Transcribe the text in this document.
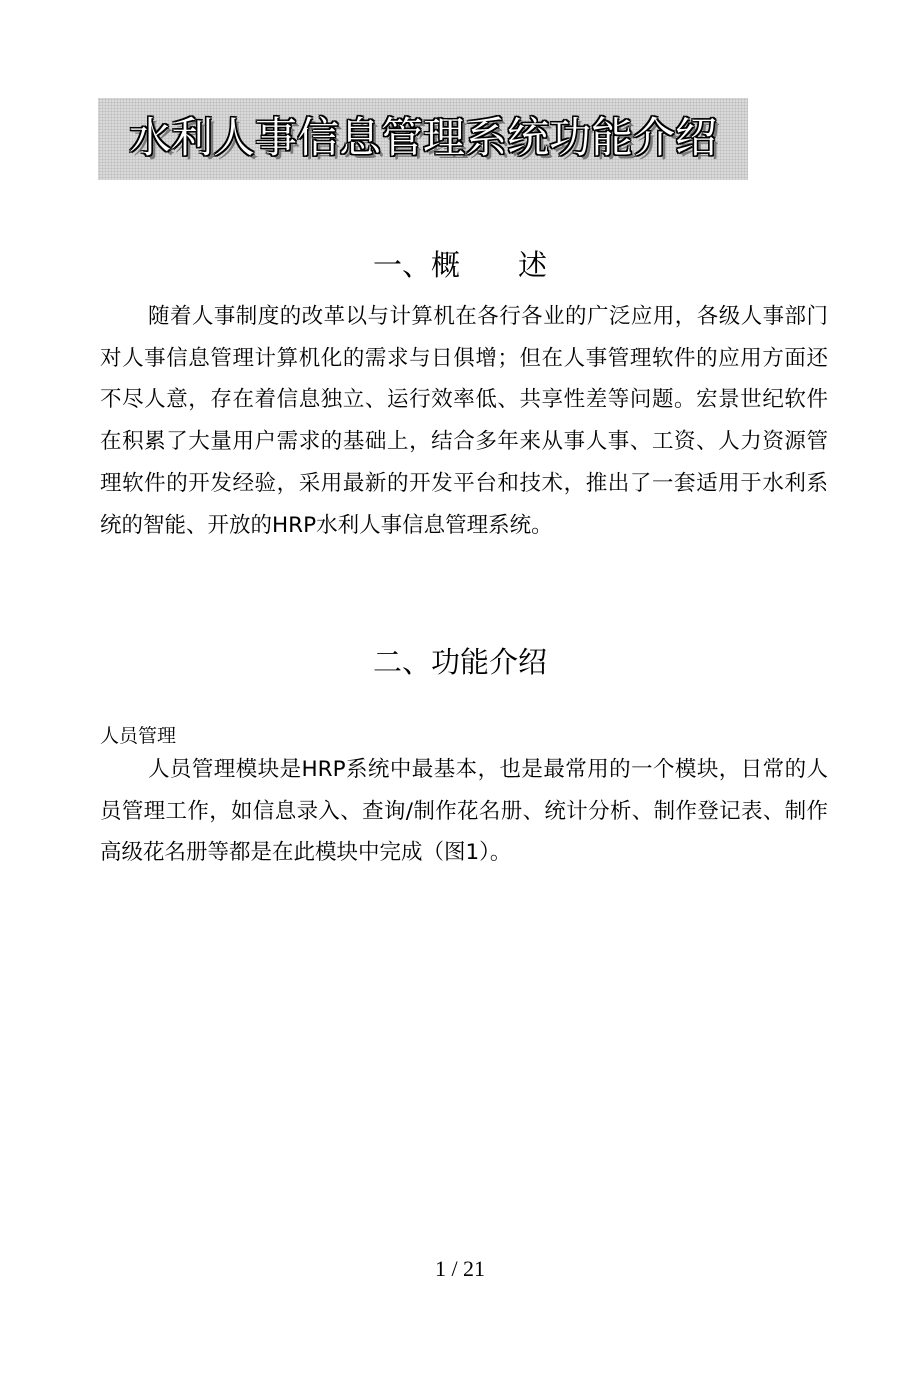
水利人事信息管理系统功能介绍
一、概　　述

随着人事制度的改革以与计算机在各行各业的广泛应用，各级人事部门对人事信息管理计算机化的需求与日俱增；但在人事管理软件的应用方面还不尽人意，存在着信息独立、运行效率低、共享性差等问题。宏景世纪软件在积累了大量用户需求的基础上，结合多年来从事人事、工资、人力资源管理软件的开发经验，采用最新的开发平台和技术，推出了一套适用于水利系统的智能、开放的HRP水利人事信息管理系统。

二、功能介绍
人员管理

人员管理模块是HRP系统中最基本，也是最常用的一个模块，日常的人员管理工作，如信息录入、查询/制作花名册、统计分析、制作登记表、制作高级花名册等都是在此模块中完成（图1）。

1 / 21
